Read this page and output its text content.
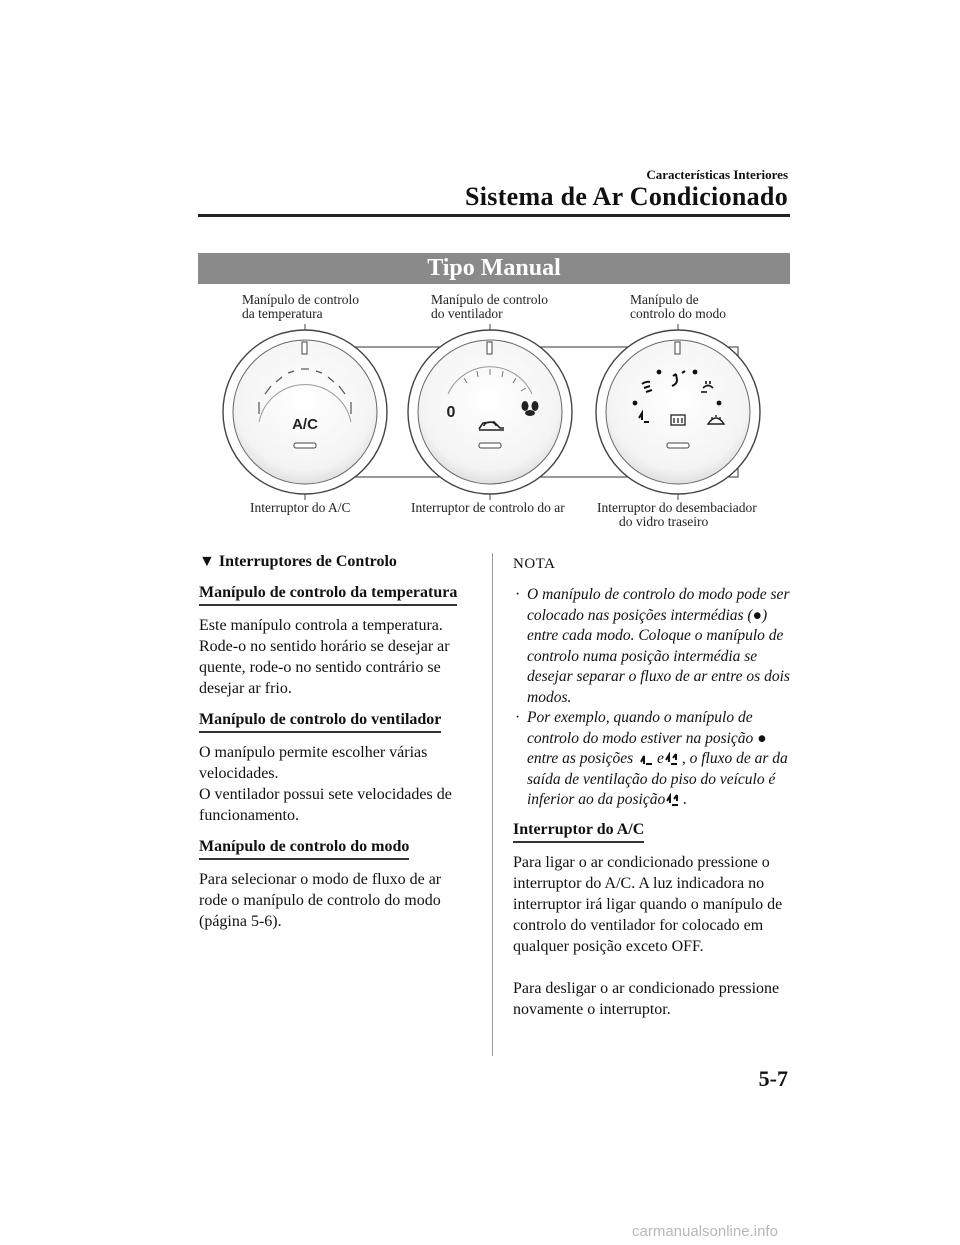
Características Interiores
Sistema de Ar Condicionado
Tipo Manual
Manípulo de controlo
da temperatura
Manípulo de controlo
do ventilador
Manípulo de
controlo do modo
Interruptor do A/C	Interruptor de controlo do ar Interruptor do desembaciador
do vidro traseiro
A/C
0
▼ Interruptores de Controlo
Manípulo de controlo da temperatura

Este manípulo controla a temperatura. Rode-o no sentido horário se desejar ar quente, rode-o no sentido contrário se desejar ar frio.

Manípulo de controlo do ventilador

O manípulo permite escolher várias velocidades.

O ventilador possui sete velocidades de funcionamento.

Manípulo de controlo do modo

Para selecionar o modo de fluxo de ar rode o manípulo de controlo do modo (página 5-6).

NOTA
· O manípulo de controlo do modo pode ser colocado nas posições intermédias (●) entre cada modo. Coloque o manípulo de controlo numa posição intermédia se desejar separar o fluxo de ar entre os dois modos.
· Por exemplo, quando o manípulo de controlo do modo estiver na posição ● entre as posições e , o fluxo de ar da saída de ventilação do piso do veículo é inferior ao da posição .
Interruptor do A/C

Para ligar o ar condicionado pressione o interruptor do A/C. A luz indicadora no interruptor irá ligar quando o manípulo de controlo do ventilador for colocado em qualquer posição exceto OFF.

Para desligar o ar condicionado pressione novamente o interruptor.

5-7
carmanualsonline.info
